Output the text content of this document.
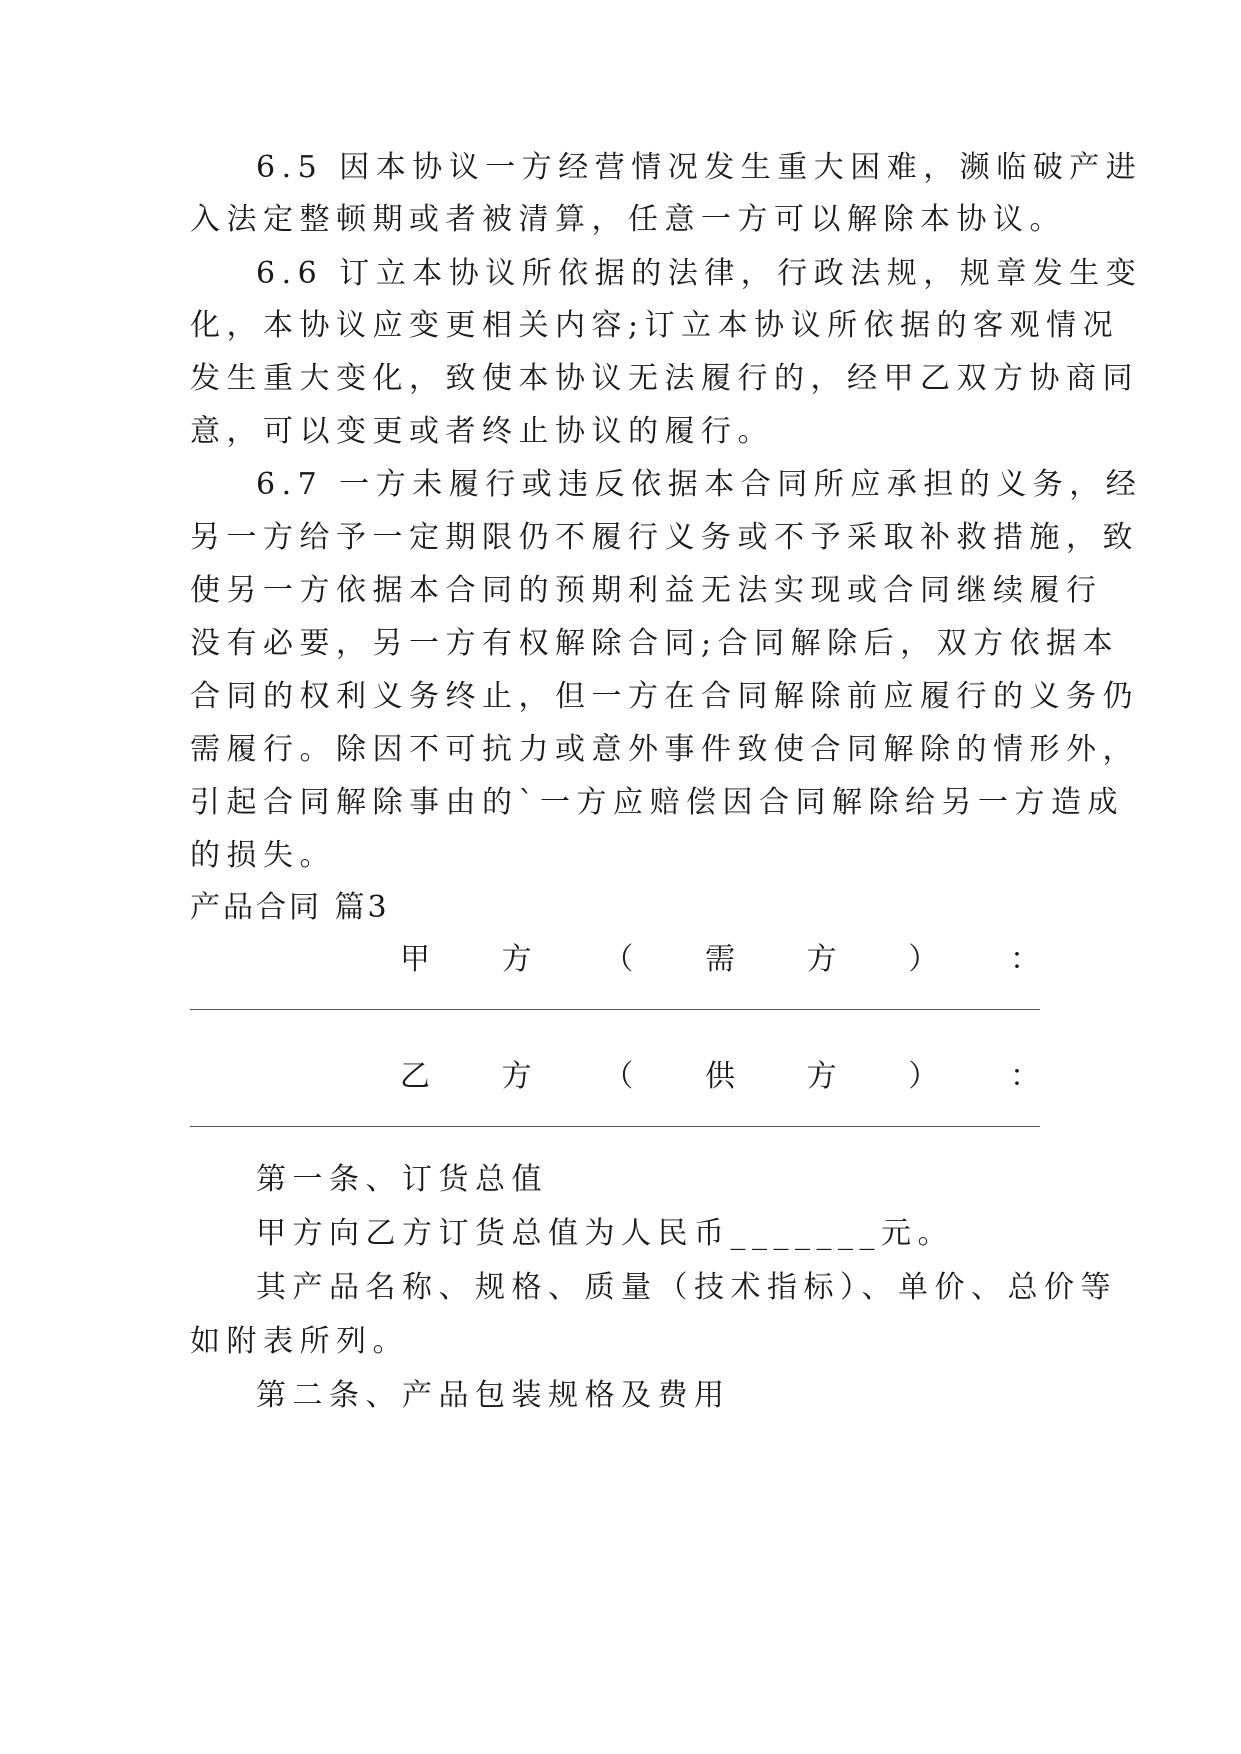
6.5 因本协议一方经营情况发生重大困难，濒临破产进
入法定整顿期或者被清算，任意一方可以解除本协议。
6.6 订立本协议所依据的法律，行政法规，规章发生变
化，本协议应变更相关内容;订立本协议所依据的客观情况
发生重大变化，致使本协议无法履行的，经甲乙双方协商同
意，可以变更或者终止协议的履行。
6.7 一方未履行或违反依据本合同所应承担的义务，经
另一方给予一定期限仍不履行义务或不予采取补救措施，致
使另一方依据本合同的预期利益无法实现或合同继续履行
没有必要，另一方有权解除合同;合同解除后，双方依据本
合同的权利义务终止，但一方在合同解除前应履行的义务仍
需履行。除因不可抗力或意外事件致使合同解除的情形外，
引起合同解除事由的`一方应赔偿因合同解除给另一方造成
的损失。
产品合同 篇3
甲 方 （ 需 方 ） ：
乙 方 （ 供 方 ） ：
第一条、订货总值
甲方向乙方订货总值为人民币_______元。
其产品名称、规格、质量（技术指标）、单价、总价等
如附表所列。
第二条、产品包装规格及费用
